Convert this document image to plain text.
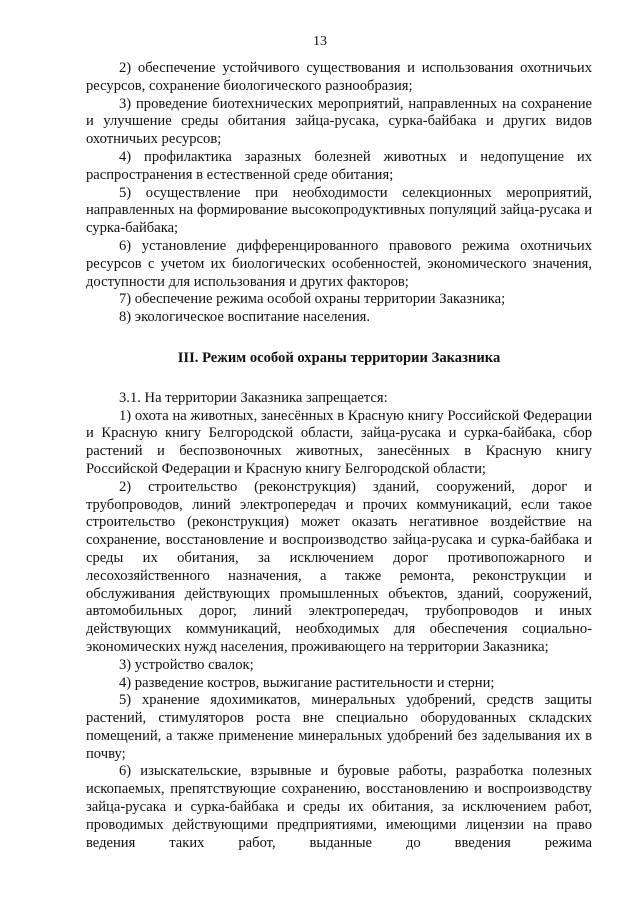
13

2) обеспечение устойчивого существования и использования охотничьих ресурсов, сохранение биологического разнообразия;

3) проведение биотехнических мероприятий, направленных на сохранение и улучшение среды обитания зайца-русака, сурка-байбака и других видов охотничьих ресурсов;

4) профилактика заразных болезней животных и недопущение их распространения в естественной среде обитания;

5) осуществление при необходимости селекционных мероприятий, направленных на формирование высокопродуктивных популяций зайца-русака и сурка-байбака;

6) установление дифференцированного правового режима охотничьих ресурсов с учетом их биологических особенностей, экономического значения, доступности для использования и других факторов;

7) обеспечение режима особой охраны территории Заказника;

8) экологическое воспитание населения.

III. Режим особой охраны территории Заказника

3.1. На территории Заказника запрещается:

1) охота на животных, занесённых в Красную книгу Российской Федерации и Красную книгу Белгородской области, зайца-русака и сурка-байбака, сбор растений и беспозвоночных животных, занесённых в Красную книгу Российской Федерации и Красную книгу Белгородской области;

2) строительство (реконструкция) зданий, сооружений, дорог и трубопроводов, линий электропередач и прочих коммуникаций, если такое строительство (реконструкция) может оказать негативное воздействие на сохранение, восстановление и воспроизводство зайца-русака и сурка-байбака и среды их обитания, за исключением дорог противопожарного и лесохозяйственного назначения, а также ремонта, реконструкции и обслуживания действующих промышленных объектов, зданий, сооружений, автомобильных дорог, линий электропередач, трубопроводов и иных действующих коммуникаций, необходимых для обеспечения социально-экономических нужд населения, проживающего на территории Заказника;

3) устройство свалок;

4) разведение костров, выжигание растительности и стерни;

5) хранение ядохимикатов, минеральных удобрений, средств защиты растений, стимуляторов роста вне специально оборудованных складских помещений, а также применение минеральных удобрений без заделывания их в почву;

6) изыскательские, взрывные и буровые работы, разработка полезных ископаемых, препятствующие сохранению, восстановлению и воспроизводству зайца-русака и сурка-байбака и среды их обитания, за исключением работ, проводимых действующими предприятиями, имеющими лицензии на право ведения таких работ, выданные до введения режима
